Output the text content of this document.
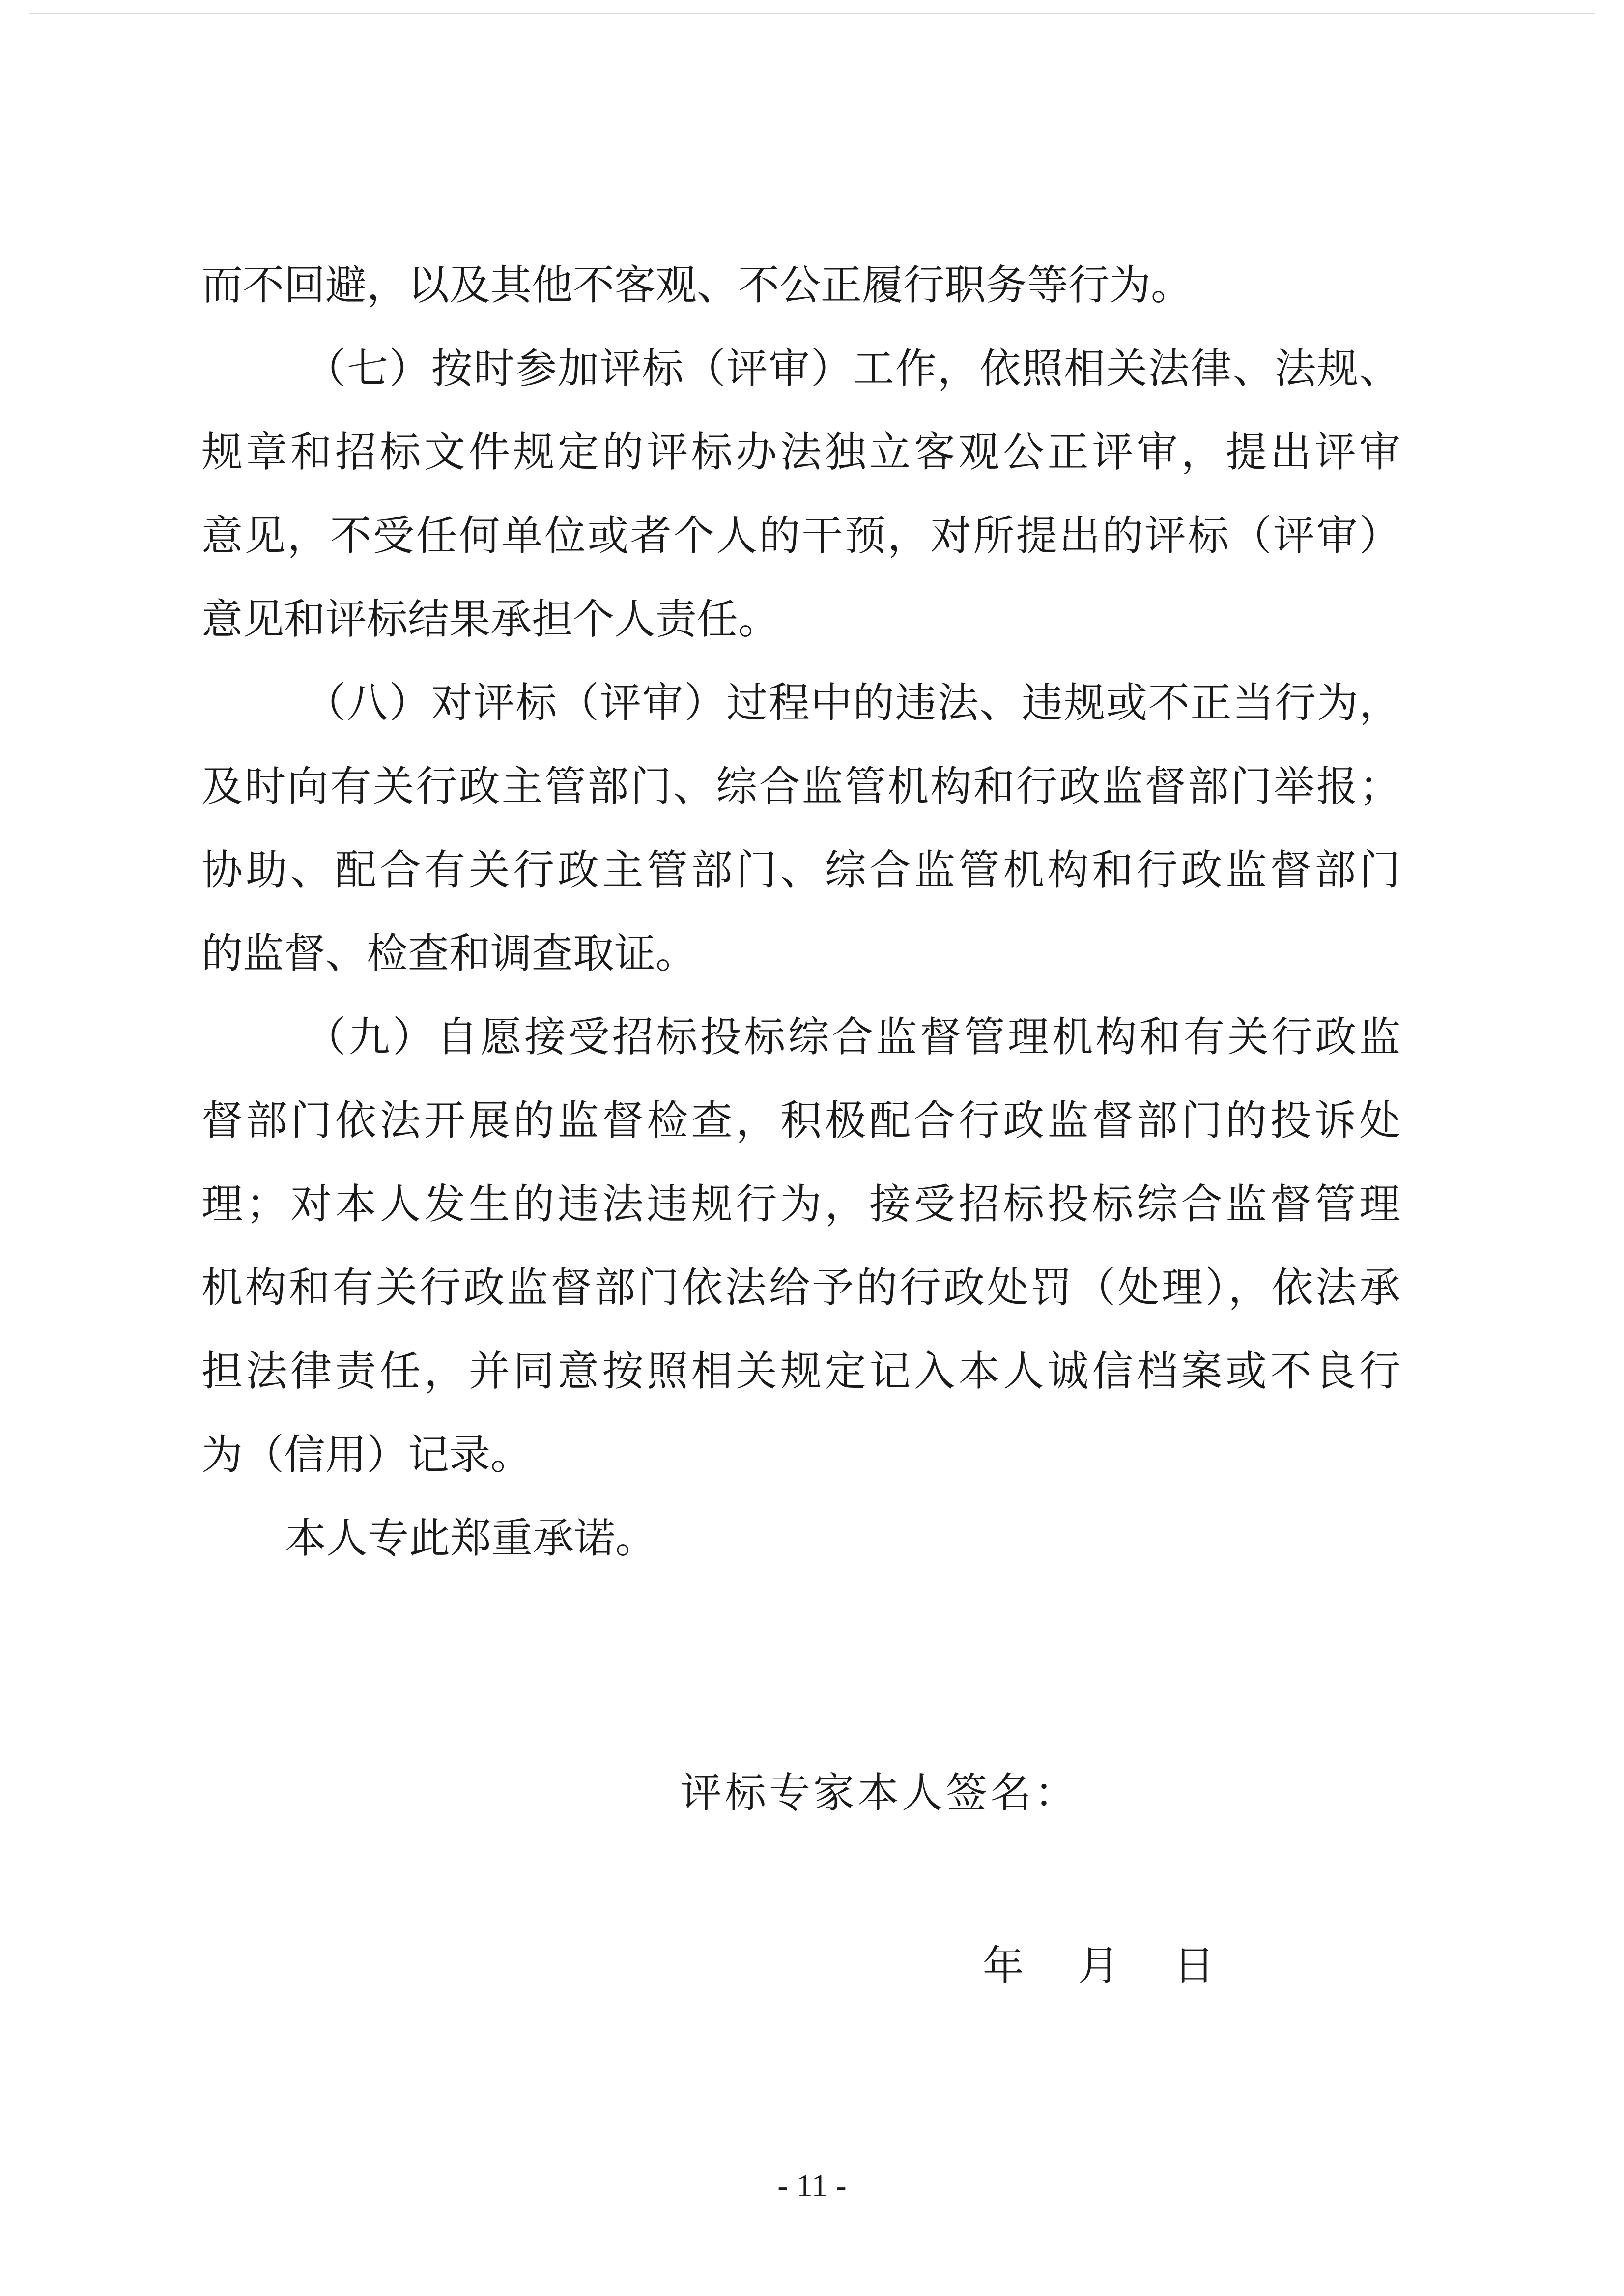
而不回避，以及其他不客观、不公正履行职务等行为。
（七）按时参加评标（评审）工作，依照相关法律、法规、
规章和招标文件规定的评标办法独立客观公正评审，提出评审
意见，不受任何单位或者个人的干预，对所提出的评标（评审）
意见和评标结果承担个人责任。
（八）对评标（评审）过程中的违法、违规或不正当行为，
及时向有关行政主管部门、综合监管机构和行政监督部门举报；
协助、配合有关行政主管部门、综合监管机构和行政监督部门
的监督、检查和调查取证。
（九）自愿接受招标投标综合监督管理机构和有关行政监
督部门依法开展的监督检查，积极配合行政监督部门的投诉处
理；对本人发生的违法违规行为，接受招标投标综合监督管理
机构和有关行政监督部门依法给予的行政处罚（处理），依法承
担法律责任，并同意按照相关规定记入本人诚信档案或不良行
为（信用）记录。
本人专此郑重承诺。
评标专家本人签名：
年 月 日
- 11 -
